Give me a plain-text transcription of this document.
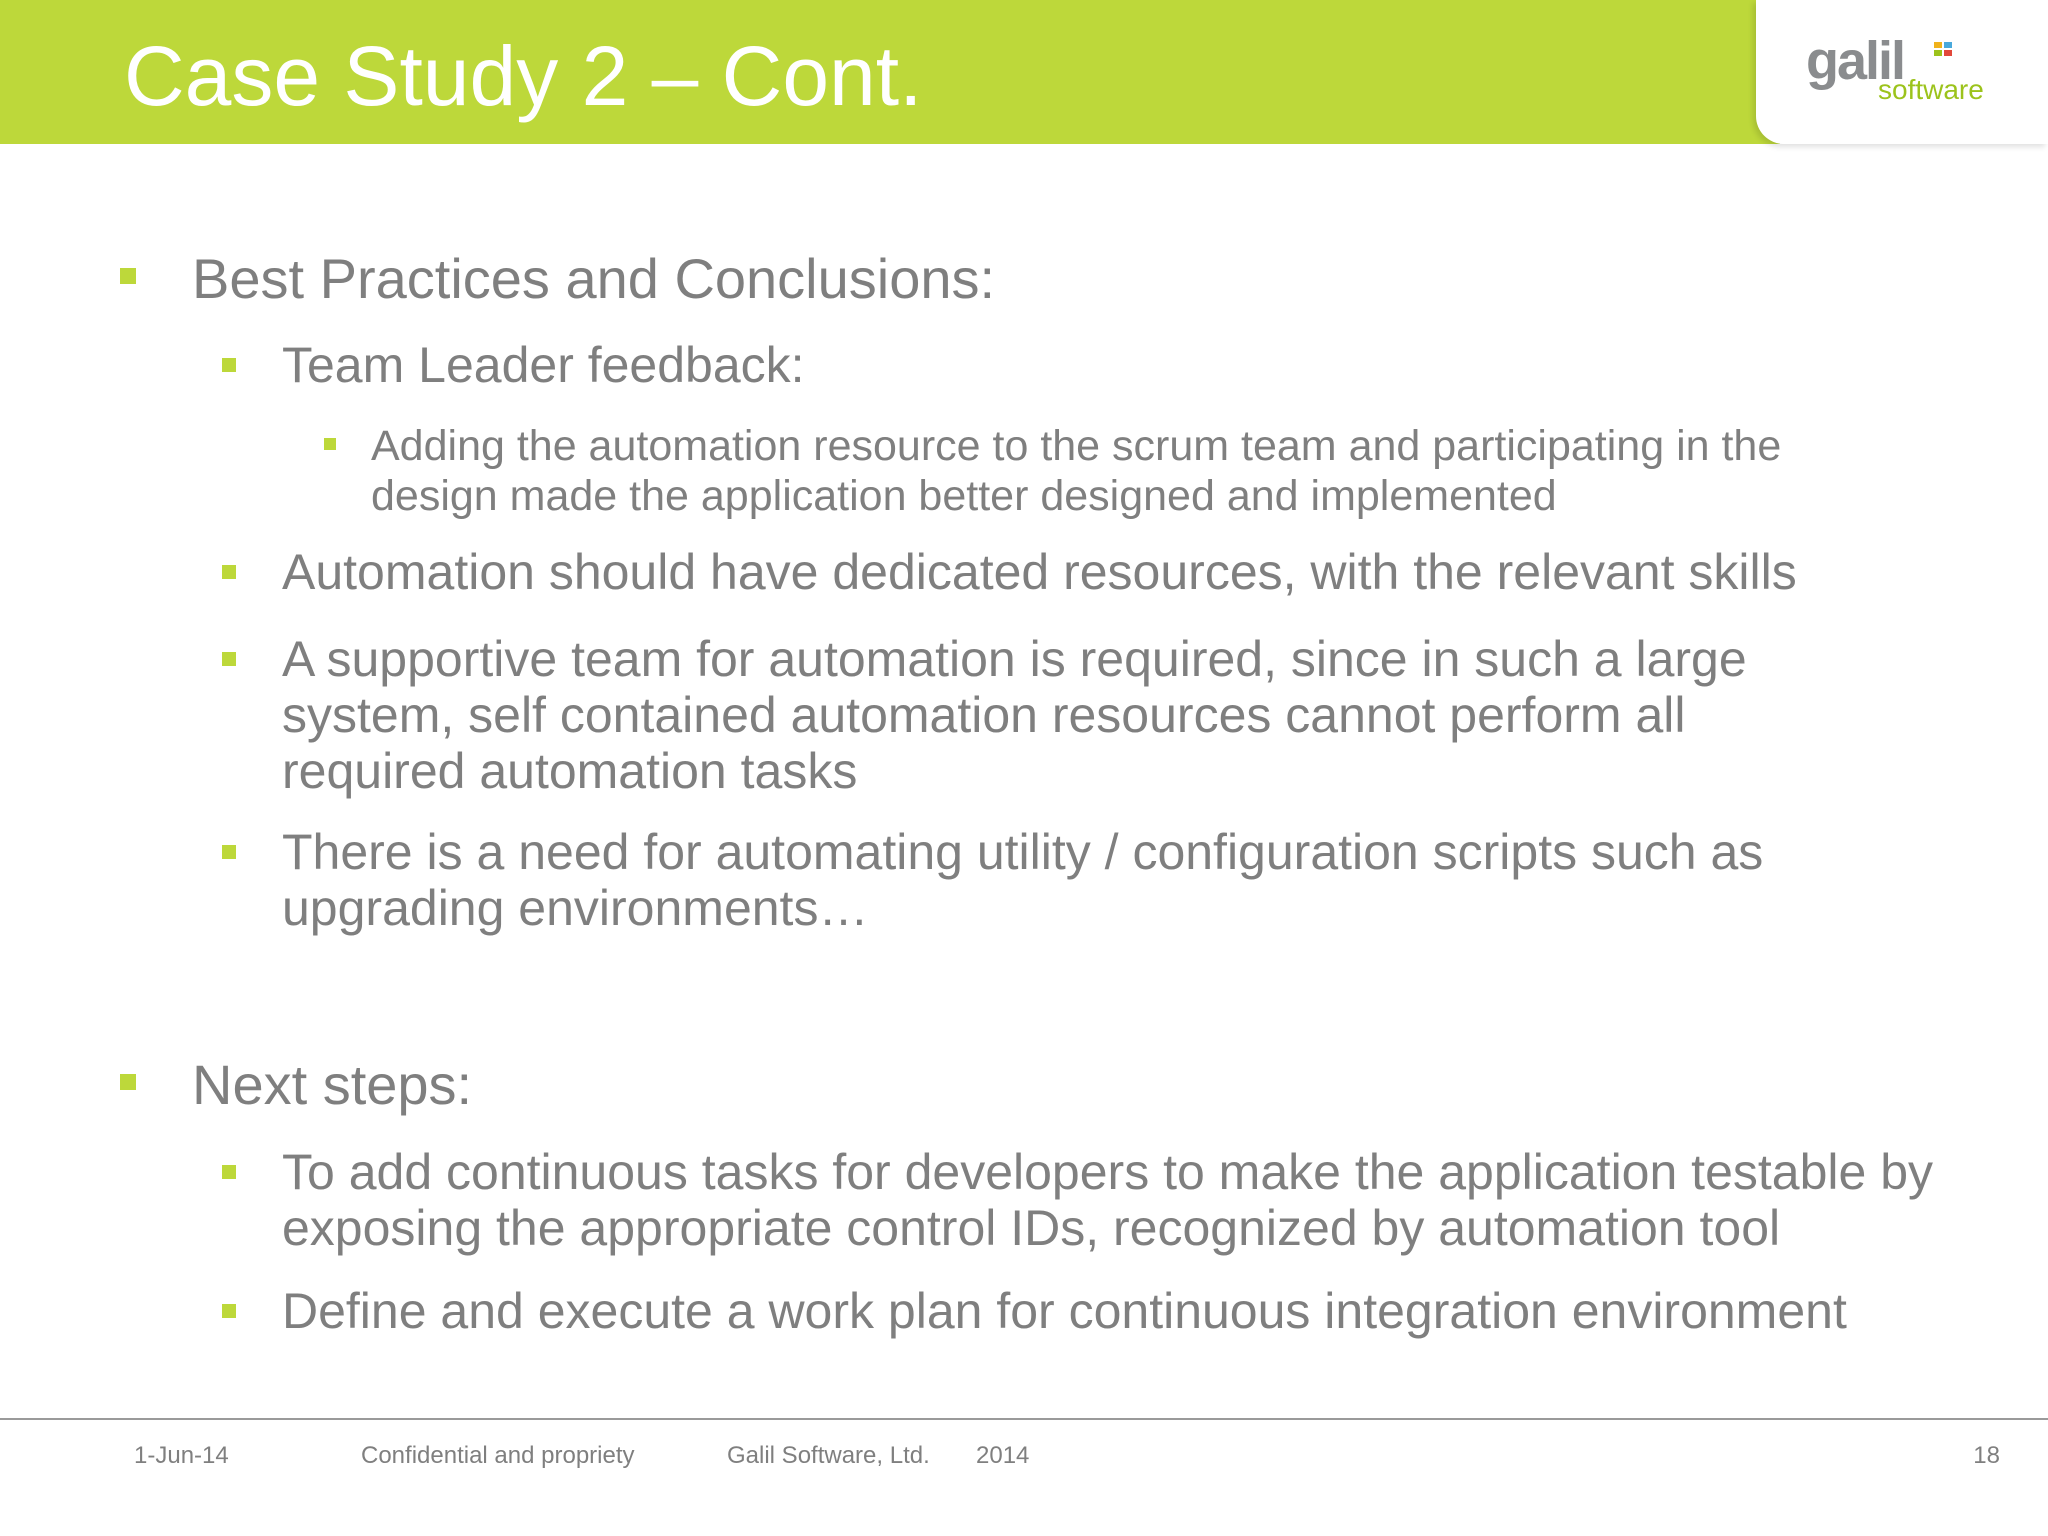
Case Study 2 – Cont.	galil
software
Best Practices and Conclusions:
Team Leader feedback:
Adding the automation resource to the scrum team and participating in the design made the application better designed and implemented
Automation should have dedicated resources, with the relevant skills
A supportive team for automation is required, since in such a large system, self contained automation resources cannot perform all required automation tasks
There is a need for automating utility / configuration scripts such as upgrading environments…
Next steps:
To add continuous tasks for developers to make the application testable by exposing the appropriate control IDs, recognized by automation tool
Define and execute a work plan for continuous integration environment
1-Jun-14	Confidential and propriety	Galil Software, Ltd. 2014	18
